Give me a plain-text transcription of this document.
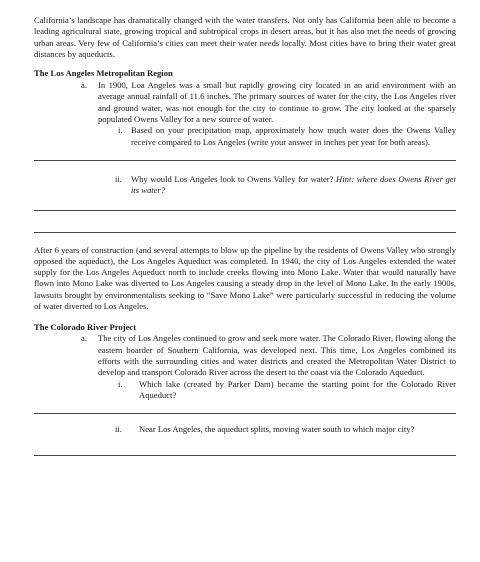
California’s landscape has dramatically changed with the water transfers. Not only has California been able to become a leading agricultural state, growing tropical and subtropical crops in desert areas, but it has also met the needs of growing urban areas. Very few of California’s cities can meet their water needs locally. Most cities have to bring their water great distances by aqueducts.

The Los Angeles Metropolitan Region

a.	In 1900, Loa Angeles was a small but rapidly growing city located in an arid environment with an average annual rainfall of 11.6 inches. The primary sources of water for the city, the Los Angeles river and ground water, was not enough for the city to continue to grow. The city looked at the sparsely populated Owens Valley for a new source of water.
i. Based on your precipitation map, approximately how much water does the Owens Valley receive compared to Los Angeles (write your answer in inches per year for both areas).
ii.	Why would Los Angeles look to Owens Valley for water? Hint: where does Owens River get its water?

After 6 years of construction (and several attempts to blow up the pipeline by the residents of Owens Valley who strongly opposed the aqueduct), the Los Angeles Aqueduct was completed. In 1940, the city of Los Angeles extended the water supply for the Los Angeles Aqueduct north to include creeks flowing into Mono Lake. Water that would naturally have flown into Mono Lake was diverted to Los Angeles causing a steady drop in the level of Mono Lake. In the early 1900s, lawsuits brought by environmentalists seeking to “Save Mono Lake” were particularly successful in reducing the volume of water diverted to Los Angeles.

The Colorado River Project

a.	The city of Los Angeles continued to grow and seek more water. The Colorado River, flowing along the eastern boarder of Southern California, was developed next. This time, Los Angeles combined its efforts with the surrounding cities and water districts and created the Metropolitan Water District to develop and transport Colorado River across the desert to the coast via the Colorado Aqueduct.
i.	Which lake (created by Parker Dam) became the starting point for the Colorado River Aqueduct?
ii.	Near Los Angeles, the aqueduct splits, moving water south to which major city?
